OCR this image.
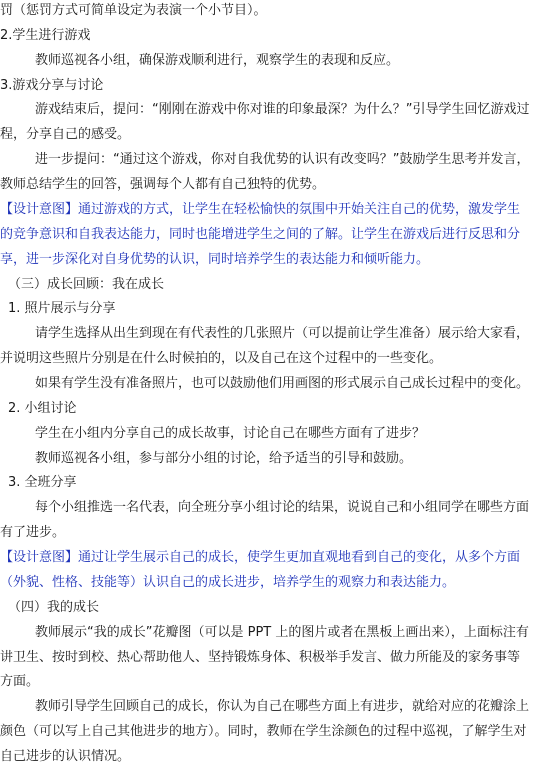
罚（惩罚方式可简单设定为表演一个小节目）。
2.学生进行游戏
教师巡视各小组，确保游戏顺利进行，观察学生的表现和反应。
3.游戏分享与讨论
游戏结束后，提问：“刚刚在游戏中你对谁的印象最深？为什么？”引导学生回忆游戏过
程，分享自己的感受。
进一步提问：“通过这个游戏，你对自我优势的认识有改变吗？”鼓励学生思考并发言，
教师总结学生的回答，强调每个人都有自己独特的优势。
【设计意图】通过游戏的方式，让学生在轻松愉快的氛围中开始关注自己的优势，激发学生
的竞争意识和自我表达能力，同时也能增进学生之间的了解。让学生在游戏后进行反思和分
享，进一步深化对自身优势的认识，同时培养学生的表达能力和倾听能力。
（三）成长回顾：我在成长
1. 照片展示与分享
请学生选择从出生到现在有代表性的几张照片（可以提前让学生准备）展示给大家看，
并说明这些照片分别是在什么时候拍的，以及自己在这个过程中的一些变化。
如果有学生没有准备照片，也可以鼓励他们用画图的形式展示自己成长过程中的变化。
2. 小组讨论
学生在小组内分享自己的成长故事，讨论自己在哪些方面有了进步？
教师巡视各小组，参与部分小组的讨论，给予适当的引导和鼓励。
3. 全班分享
每个小组推选一名代表，向全班分享小组讨论的结果，说说自己和小组同学在哪些方面
有了进步。
【设计意图】通过让学生展示自己的成长，使学生更加直观地看到自己的变化，从多个方面
（外貌、性格、技能等）认识自己的成长进步，培养学生的观察力和表达能力。
（四）我的成长
教师展示“我的成长”花瓣图（可以是 PPT 上的图片或者在黑板上画出来），上面标注有
讲卫生、按时到校、热心帮助他人、坚持锻炼身体、积极举手发言、做力所能及的家务事等
方面。
教师引导学生回顾自己的成长，你认为自己在哪些方面上有进步，就给对应的花瓣涂上
颜色（可以写上自己其他进步的地方）。同时，教师在学生涂颜色的过程中巡视，了解学生对
自己进步的认识情况。
